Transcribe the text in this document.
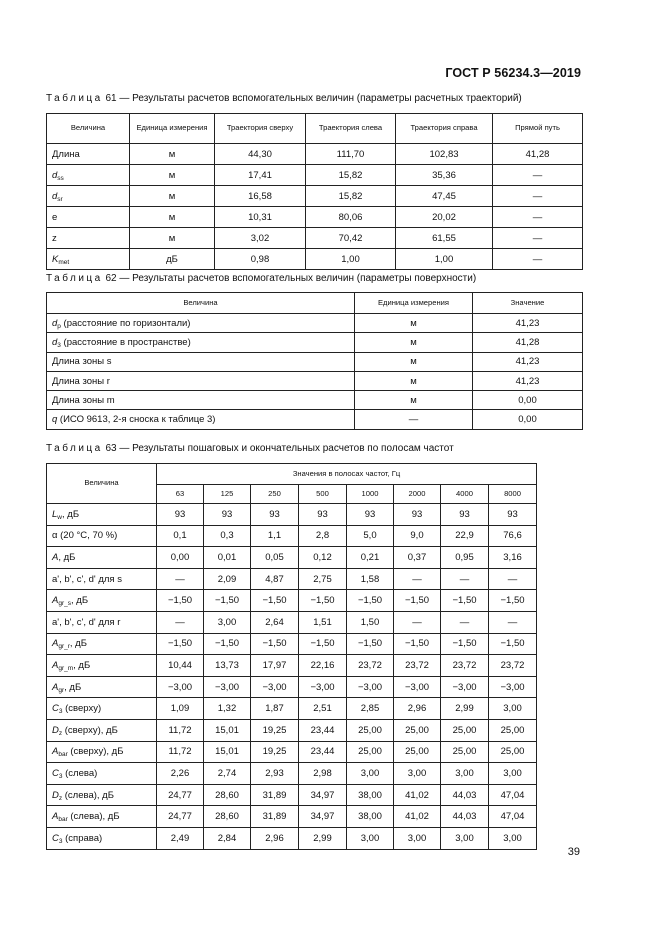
ГОСТ Р 56234.3—2019
Таблица 61 — Результаты расчетов вспомогательных величин (параметры расчетных траекторий)
Величина	Единица измерения	Траектория сверху	Траектория слева	Траектория справа	Прямой путь
Длина	м	44,30	111,70	102,83	41,28
$d_{ss}$	м	17,41	15,82	35,36	—
$d_{sr}$	м	16,58	15,82	47,45	—
e	м	10,31	80,06	20,02	—
z	м	3,02	70,42	61,55	—
$K_{met}$	дБ	0,98	1,00	1,00	—
Таблица 62 — Результаты расчетов вспомогательных величин (параметры поверхности)
Величина	Единица измерения	Значение
$d_p$ (расстояние по горизонтали)	м	41,23
$d_3$ (расстояние в пространстве)	м	41,28
Длина зоны s	м	41,23
Длина зоны r	м	41,23
Длина зоны m	м	0,00
q (ИСО 9613, 2-я сноска к таблице 3)	—	0,00
Таблица 63 — Результаты пошаговых и окончательных расчетов по полосам частот
Величина	Значения в полосах частот, Гц							
	63	125	250	500	1000	2000	4000	8000
$L_w$, дБ	93	93	93	93	93	93	93	93
α (20 °С, 70 %)	0,1	0,3	1,1	2,8	5,0	9,0	22,9	76,6
A, дБ	0,00	0,01	0,05	0,12	0,21	0,37	0,95	3,16
a', b', c', d' для s	—	2,09	4,87	2,75	1,58	—	—	—
$A_{gr\_s}$, дБ	−1,50	−1,50	−1,50	−1,50	−1,50	−1,50	−1,50	−1,50
a', b', c', d' для r	—	3,00	2,64	1,51	1,50	—	—	—
$A_{gr\_r}$, дБ	−1,50	−1,50	−1,50	−1,50	−1,50	−1,50	−1,50	−1,50
$A_{gr\_m}$, дБ	10,44	13,73	17,97	22,16	23,72	23,72	23,72	23,72
$A_{gr}$, дБ	−3,00	−3,00	−3,00	−3,00	−3,00	−3,00	−3,00	−3,00
$C_3$ (сверху)	1,09	1,32	1,87	2,51	2,85	2,96	2,99	3,00
$D_z$ (сверху), дБ	11,72	15,01	19,25	23,44	25,00	25,00	25,00	25,00
$A_{bar}$ (сверху), дБ	11,72	15,01	19,25	23,44	25,00	25,00	25,00	25,00
$C_3$ (слева)	2,26	2,74	2,93	2,98	3,00	3,00	3,00	3,00
$D_z$ (слева), дБ	24,77	28,60	31,89	34,97	38,00	41,02	44,03	47,04
$A_{bar}$ (слева), дБ	24,77	28,60	31,89	34,97	38,00	41,02	44,03	47,04
$C_3$ (справа)	2,49	2,84	2,96	2,99	3,00	3,00	3,00	3,00
39
